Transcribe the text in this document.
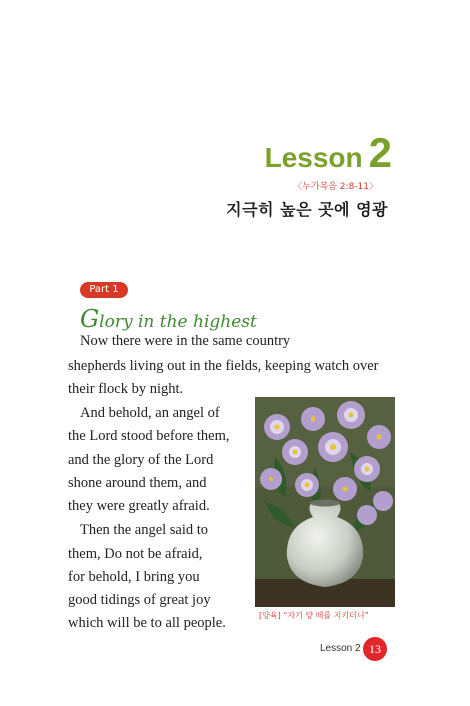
Lesson 2
〈누가복음 2:8-11〉
지극히 높은 곳에 영광
Part 1
Glory in the highest
Now there were in the same country
shepherds living out in the fields, keeping watch over
their flock by night.
And behold, an angel of
the Lord stood before them,
and the glory of the Lord
shone around them, and
they were greatly afraid.
Then the angel said to
them, Do not be afraid,
for behold, I bring you
good tidings of great joy
which will be to all people.	[양육] “자기 양 떼를 지키더니”
Lesson 2 13
